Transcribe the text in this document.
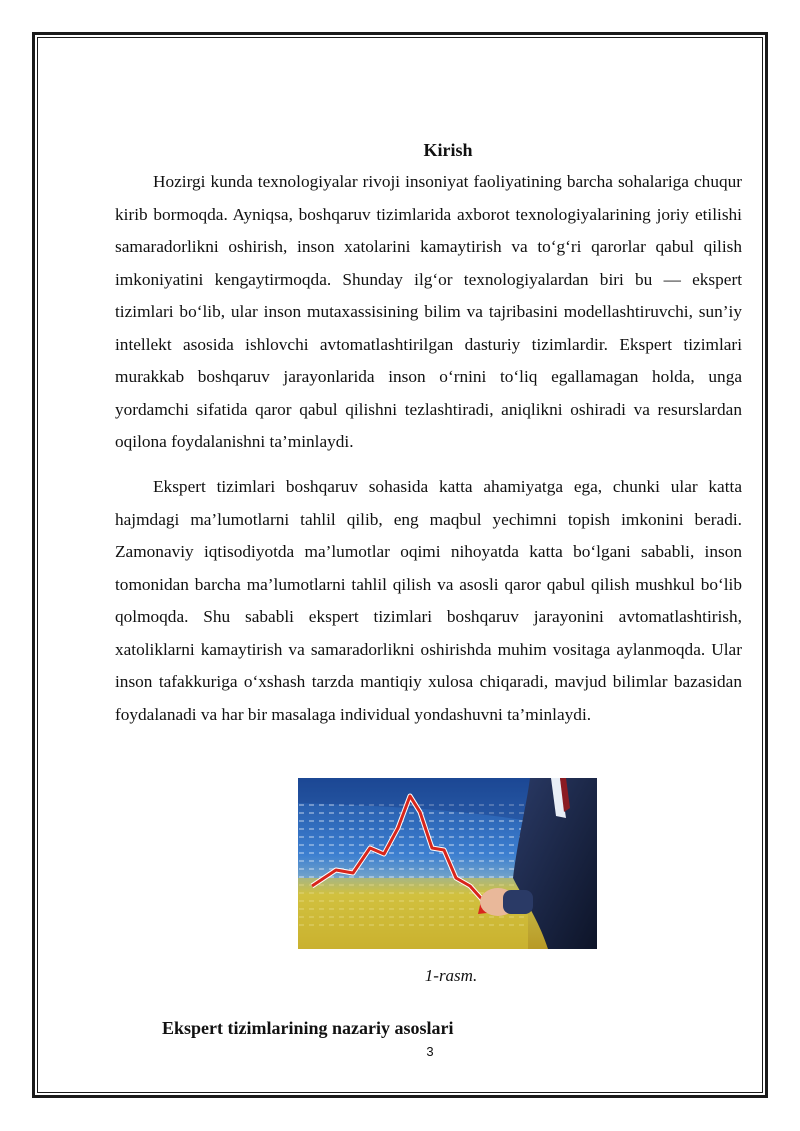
Kirish

Hozirgi kunda texnologiyalar rivoji insoniyat faoliyatining barcha sohalariga chuqur kirib bormoqda. Ayniqsa, boshqaruv tizimlarida axborot texnologiyalarining joriy etilishi samaradorlikni oshirish, inson xatolarini kamaytirish va to‘g‘ri qarorlar qabul qilish imkoniyatini kengaytirmoqda. Shunday ilg‘or texnologiyalardan biri bu — ekspert tizimlari bo‘lib, ular inson mutaxassisining bilim va tajribasini modellashtiruvchi, sun’iy intellekt asosida ishlovchi avtomatlashtirilgan dasturiy tizimlardir. Ekspert tizimlari murakkab boshqaruv jarayonlarida inson o‘rnini to‘liq egallamagan holda, unga yordamchi sifatida qaror qabul qilishni tezlashtiradi, aniqlikni oshiradi va resurslardan oqilona foydalanishni ta’minlaydi.

Ekspert tizimlari boshqaruv sohasida katta ahamiyatga ega, chunki ular katta hajmdagi ma’lumotlarni tahlil qilib, eng maqbul yechimni topish imkonini beradi. Zamonaviy iqtisodiyotda ma’lumotlar oqimi nihoyatda katta bo‘lgani sababli, inson tomonidan barcha ma’lumotlarni tahlil qilish va asosli qaror qabul qilish mushkul bo‘lib qolmoqda. Shu sababli ekspert tizimlari boshqaruv jarayonini avtomatlashtirish, xatoliklarni kamaytirish va samaradorlikni oshirishda muhim vositaga aylanmoqda. Ular inson tafakkuriga o‘xshash tarzda mantiqiy xulosa chiqaradi, mavjud bilimlar bazasidan foydalanadi va har bir masalaga individual yondashuvni ta’minlaydi.

1-rasm.
Ekspert tizimlarining nazariy asoslari
3
